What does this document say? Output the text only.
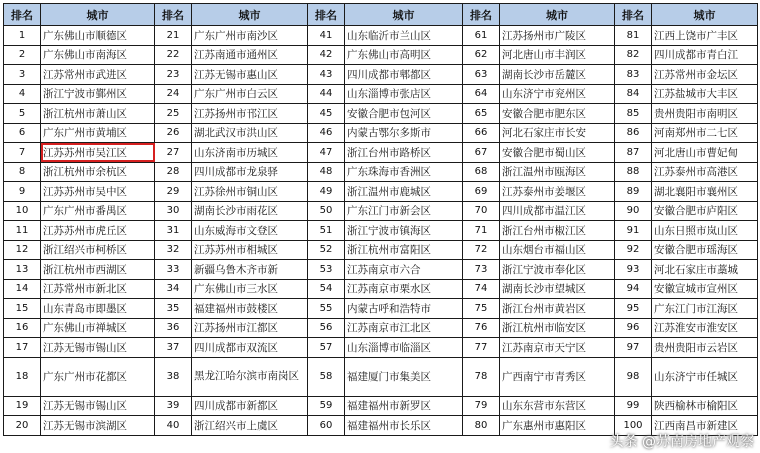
排名	城市	排名	城市	排名	城市	排名	城市	排名	城市
1	广东佛山市顺德区	21	广东广州市南沙区	41	山东临沂市兰山区	61	江苏扬州市广陵区	81	江西上饶市广丰区
2	广东佛山市南海区	22	江苏南通市通州区	42	广东佛山市高明区	62	河北唐山市丰润区	82	四川成都市青白江
3	江苏常州市武进区	23	江苏无锡市惠山区	43	四川成都市郫都区	63	湖南长沙市岳麓区	83	江苏常州市金坛区
4	浙江宁波市鄞州区	24	广东广州市白云区	44	山东淄博市张店区	64	山东济宁市兖州区	84	江苏盐城市大丰区
5	浙江杭州市萧山区	25	江苏扬州市邗江区	45	安徽合肥市包河区	65	安徽合肥市肥东区	85	贵州贵阳市南明区
6	广东广州市黄埔区	26	湖北武汉市洪山区	46	内蒙古鄂尔多斯市	66	河北石家庄市长安	86	河南郑州市二七区
7	江苏苏州市吴江区	27	山东济南市历城区	47	浙江台州市路桥区	67	安徽合肥市蜀山区	87	河北唐山市曹妃甸
8	浙江杭州市余杭区	28	四川成都市龙泉驿	48	广东珠海市香洲区	68	浙江温州市瓯海区	88	江苏泰州市高港区
9	江苏苏州市吴中区	29	江苏徐州市铜山区	49	浙江温州市鹿城区	69	江苏泰州市姜堰区	89	湖北襄阳市襄州区
10	广东广州市番禺区	30	湖南长沙市雨花区	50	广东江门市新会区	70	四川成都市温江区	90	安徽合肥市庐阳区
11	江苏苏州市虎丘区	31	山东威海市文登区	51	浙江宁波市镇海区	71	浙江台州市椒江区	91	山东日照市岚山区
12	浙江绍兴市柯桥区	32	江苏苏州市相城区	52	浙江杭州市富阳区	72	山东烟台市福山区	92	安徽合肥市瑶海区
13	浙江杭州市西湖区	33	新疆乌鲁木齐市新	53	江苏南京市六合	73	浙江宁波市奉化区	93	河北石家庄市藁城
14	江苏常州市新北区	34	广东佛山市三水区	54	江苏南京市栗水区	74	湖南长沙市望城区	94	安徽宣城市宣州区
15	山东青岛市即墨区	35	福建福州市鼓楼区	55	内蒙古呼和浩特市	75	浙江台州市黄岩区	95	广东江门市江海区
16	广东佛山市禅城区	36	江苏扬州市江都区	56	江苏南京市江北区	76	浙江杭州市临安区	96	江苏淮安市淮安区
17	江苏无锡市锡山区	37	四川成都市双流区	57	山东淄博市临淄区	77	江苏南京市天宁区	97	贵州贵阳市云岩区
18	广东广州市花都区	38	黑龙江哈尔滨市南岗区	58	福建厦门市集美区	78	广西南宁市青秀区	98	山东济宁市任城区
19	江苏无锡市锡山区	39	四川成都市新都区	59	福建福州市新罗区	79	山东东营市东营区	99	陕西榆林市榆阳区
20	江苏无锡市滨湖区	40	浙江绍兴市上虞区	60	福建福州市长乐区	80	广东惠州市惠阳区	100	江西南昌市新建区
头条 @苏南房地产观察
